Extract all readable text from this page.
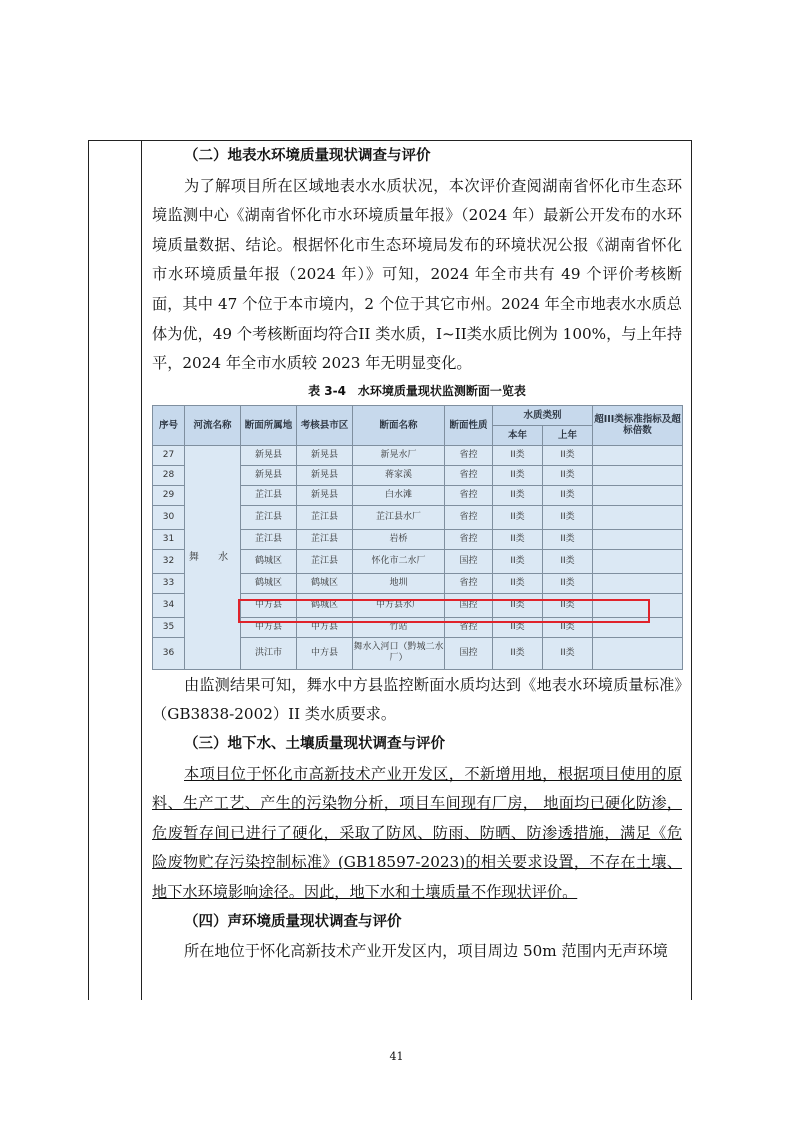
（二）地表水环境质量现状调查与评价

为了解项目所在区域地表水水质状况，本次评价查阅湖南省怀化市生态环境监测中心《湖南省怀化市水环境质量年报》（2024 年）最新公开发布的水环境质量数据、结论。根据怀化市生态环境局发布的环境状况公报《湖南省怀化市水环境质量年报（2024 年）》可知，2024 年全市共有 49 个评价考核断面，其中 47 个位于本市境内，2 个位于其它市州。2024 年全市地表水水质总体为优，49 个考核断面均符合II 类水质，I~II类水质比例为 100%，与上年持平，2024 年全市水质较 2023 年无明显变化。

表 3-4　水环境质量现状监测断面一览表
序号	河流名称	断面所属地	考核县市区	断面名称	断面性质	水质类别		超III类标准指标及超标倍数
						本年	上年	
27	舞 水	新晃县	新晃县	新晃水厂	省控	II类	II类	
28		新晃县	新晃县	蒋家溪	省控	II类	II类	
29		芷江县	新晃县	白水滩	省控	II类	II类	
30		芷江县	芷江县	芷江县水厂	省控	II类	II类	
31		芷江县	芷江县	岩桥	省控	II类	II类	
32		鹤城区	芷江县	怀化市二水厂	国控	II类	II类	
33		鹤城区	鹤城区	地圳	省控	II类	II类	
34		中方县	鹤城区	中方县水厂	国控	II类	II类	
35		中方县	中方县	竹站	省控	II类	II类	
36		洪江市	中方县	舞水入河口（黔城二水厂）	国控	II类	II类	

由监测结果可知，舞水中方县监控断面水质均达到《地表水环境质量标准》（GB3838-2002）II 类水质要求。

（三）地下水、土壤质量现状调查与评价

本项目位于怀化市高新技术产业开发区，不新增用地，根据项目使用的原料、生产工艺、产生的污染物分析，项目车间现有厂房， 地面均已硬化防渗，危废暂存间已进行了硬化，采取了防风、防雨、防晒、防渗透措施，满足《危险废物贮存污染控制标准》(GB18597-2023)的相关要求设置，不存在土壤、地下水环境影响途径。因此，地下水和土壤质量不作现状评价。

（四）声环境质量现状调查与评价

所在地位于怀化高新技术产业开发区内，项目周边 50m 范围内无声环境

41
